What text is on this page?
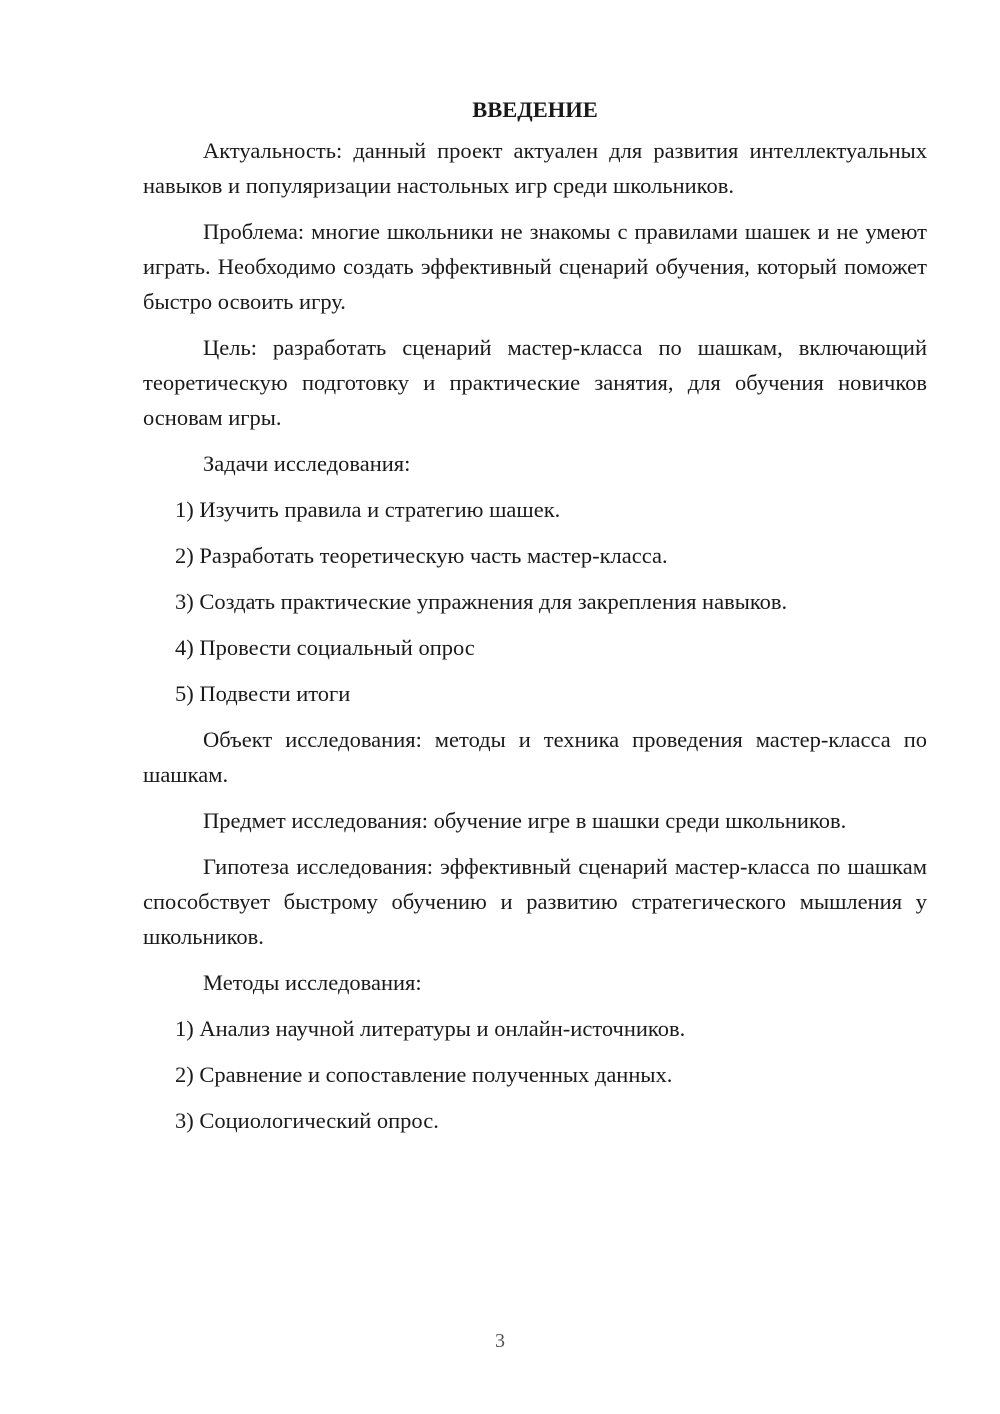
ВВЕДЕНИЕ

Актуальность: данный проект актуален для развития интеллектуальных навыков и популяризации настольных игр среди школьников.

Проблема: многие школьники не знакомы с правилами шашек и не умеют играть. Необходимо создать эффективный сценарий обучения, который поможет быстро освоить игру.

Цель: разработать сценарий мастер-класса по шашкам, включающий теоретическую подготовку и практические занятия, для обучения новичков основам игры.

Задачи исследования:

1) Изучить правила и стратегию шашек.
2) Разработать теоретическую часть мастер-класса.
3) Создать практические упражнения для закрепления навыков.
4) Провести социальный опрос
5) Подвести итоги

Объект исследования: методы и техника проведения мастер-класса по шашкам.

Предмет исследования: обучение игре в шашки среди школьников.

Гипотеза исследования: эффективный сценарий мастер-класса по шашкам способствует быстрому обучению и развитию стратегического мышления у школьников.

Методы исследования:

1) Анализ научной литературы и онлайн-источников.
2) Сравнение и сопоставление полученных данных.
3) Социологический опрос.
3
